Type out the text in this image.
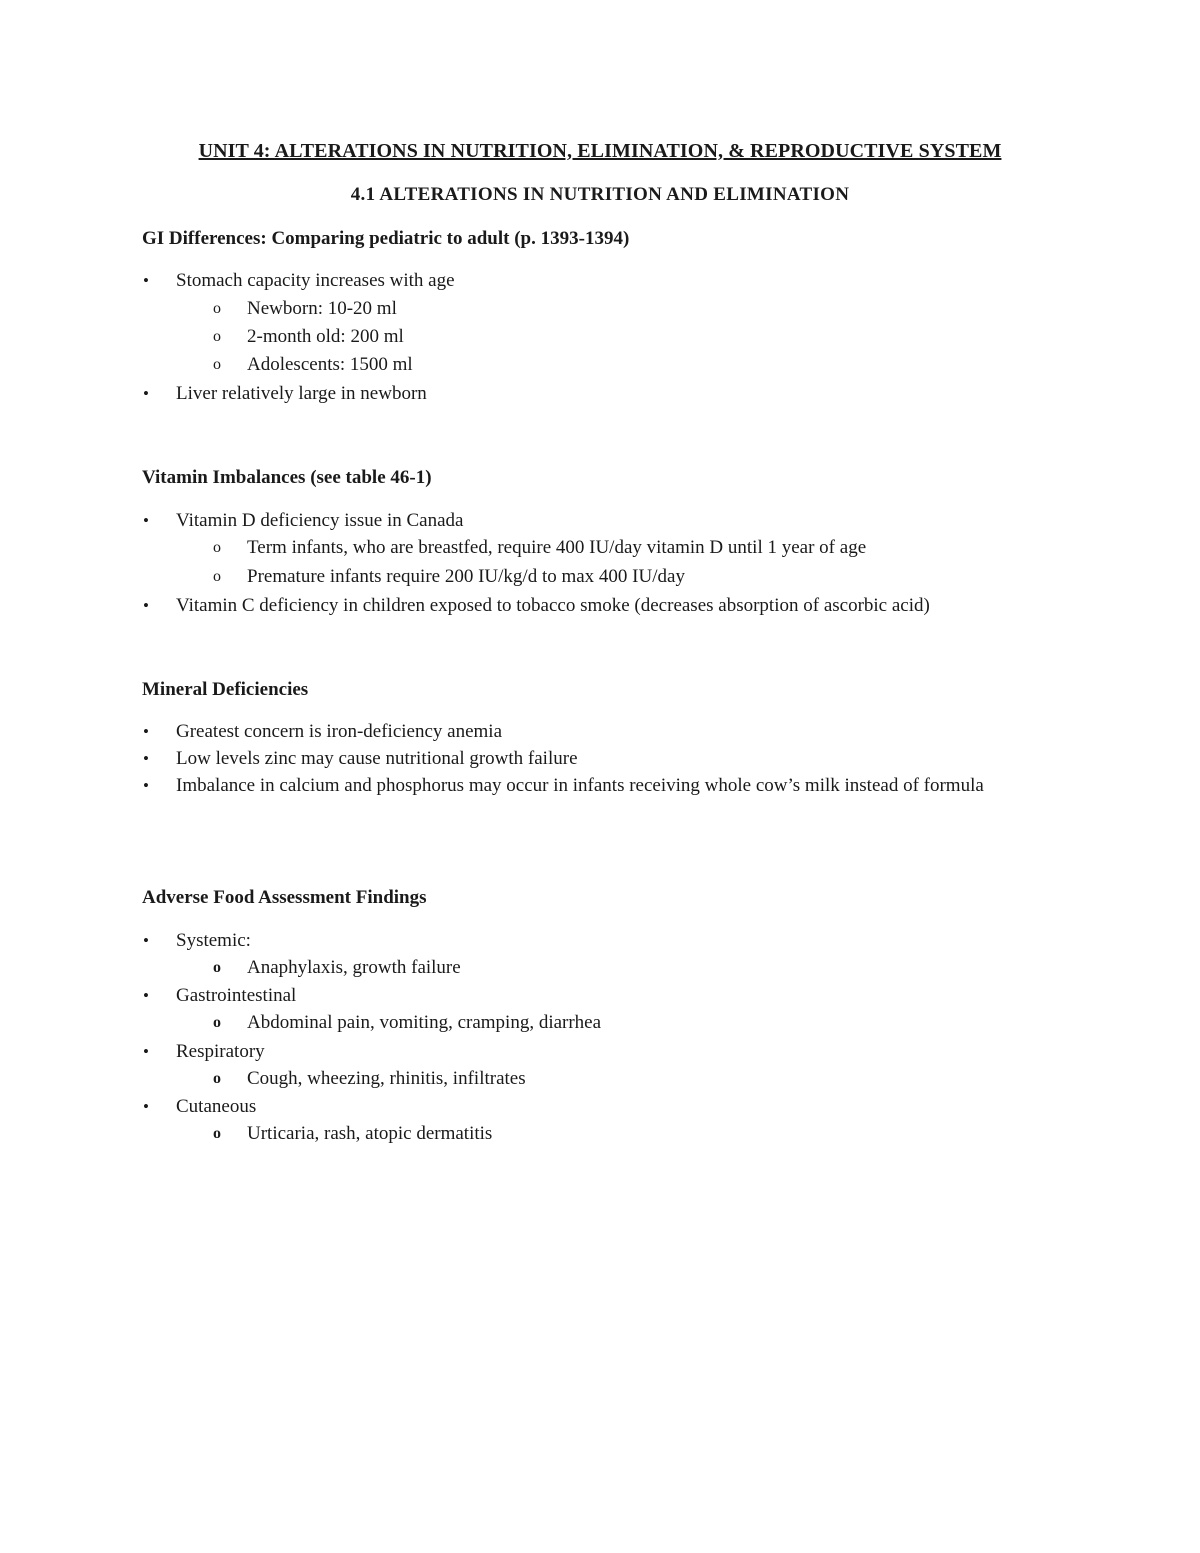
UNIT 4: ALTERATIONS IN NUTRITION, ELIMINATION, & REPRODUCTIVE SYSTEM
4.1 ALTERATIONS IN NUTRITION AND ELIMINATION
GI Differences: Comparing pediatric to adult (p. 1393-1394)
• Stomach capacity increases with age
o Newborn: 10-20 ml
o 2-month old: 200 ml
o Adolescents: 1500 ml
• Liver relatively large in newborn
Vitamin Imbalances (see table 46-1)
• Vitamin D deficiency issue in Canada
o Term infants, who are breastfed, require 400 IU/day vitamin D until 1 year of age
o Premature infants require 200 IU/kg/d to max 400 IU/day
• Vitamin C deficiency in children exposed to tobacco smoke (decreases absorption of ascorbic acid)
Mineral Deficiencies
• Greatest concern is iron-deficiency anemia
• Low levels zinc may cause nutritional growth failure
• Imbalance in calcium and phosphorus may occur in infants receiving whole cow’s milk instead of formula
Adverse Food Assessment Findings
• Systemic:
o Anaphylaxis, growth failure
• Gastrointestinal
o Abdominal pain, vomiting, cramping, diarrhea
• Respiratory
o Cough, wheezing, rhinitis, infiltrates
• Cutaneous
o Urticaria, rash, atopic dermatitis
